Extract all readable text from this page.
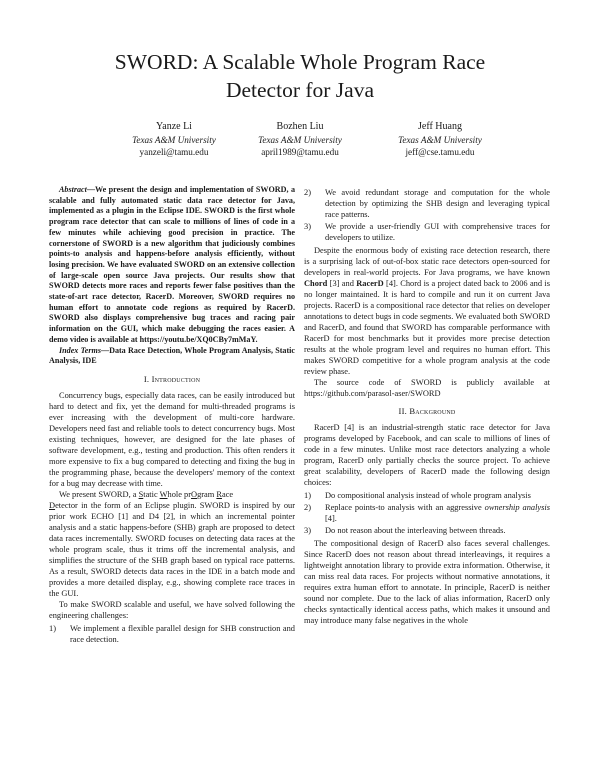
SWORD: A Scalable Whole Program Race
Detector for Java
Yanze Li
Texas A&M University
yanzeli@tamu.edu
Bozhen Liu
Texas A&M University
april1989@tamu.edu
Jeff Huang
Texas A&M University
jeff@cse.tamu.edu

Abstract—We present the design and implementation of SWORD, a scalable and fully automated static data race detector for Java, implemented as a plugin in the Eclipse IDE. SWORD is the first whole program race detector that can scale to millions of lines of code in a few minutes while achieving good precision in practice. The cornerstone of SWORD is a new algorithm that judiciously combines points-to analysis and happens-before analysis efficiently, without losing precision. We have evaluated SWORD on an extensive collection of large-scale open source Java projects. Our results show that SWORD detects more races and reports fewer false positives than the state-of-art race detector, RacerD. Moreover, SWORD requires no human effort to annotate code regions as required by RacerD. SWORD also displays comprehensive bug traces and racing pair information on the GUI, which make debugging the races easier. A demo video is available at https://youtu.be/XQ0CBy7mMaY.

Index Terms—Data Race Detection, Whole Program Analysis, Static Analysis, IDE

I. Introduction

Concurrency bugs, especially data races, can be easily introduced but hard to detect and fix, yet the demand for multi-threaded programs is ever increasing with the development of multi-core hardware. Developers need fast and reliable tools to detect concurrency bugs. Most existing techniques, however, are designed for the late phases of software development, e.g., testing and production. This often renders it more expensive to fix a bug compared to detecting and fixing the bug in the programming phase, because the developers' memory of the context for a bug may decrease with time.

We present SWORD, a Static Whole prOgram Race
Detector in the form of an Eclipse plugin. SWORD is inspired by our prior work ECHO [1] and D4 [2], in which an incremental pointer analysis and a static happens-before (SHB) graph are proposed to detect data races incrementally. SWORD focuses on detecting data races at the whole program scale, thus it trims off the incremental analysis, and simplifies the structure of the SHB graph based on typical race patterns. As a result, SWORD detects data races in the IDE in a batch mode and provides a more detailed display, e.g., showing complete race traces in the GUI.

To make SWORD scalable and useful, we have solved following the engineering challenges:

1) We implement a flexible parallel design for SHB construction and race detection.
2) We avoid redundant storage and computation for the whole detection by optimizing the SHB design and leveraging typical race patterns.
3) We provide a user-friendly GUI with comprehensive traces for developers to utilize.

Despite the enormous body of existing race detection research, there is a surprising lack of out-of-box static race detectors open-sourced for developers in real-world projects. For Java programs, we have known Chord [3] and RacerD [4]. Chord is a project dated back to 2006 and is no longer maintained. It is hard to compile and run it on current Java projects. RacerD is a compositional race detector that relies on developer annotations to detect bugs in code segments. We evaluated both SWORD and RacerD, and found that SWORD has comparable performance with RacerD for most benchmarks but it provides more precise detection results at the whole program level and requires no human effort. This makes SWORD competitive for a whole program analysis at the code review phase.

The source code of SWORD is publicly available at https://github.com/parasol-aser/SWORD

II. Background

RacerD [4] is an industrial-strength static race detector for Java programs developed by Facebook, and can scale to millions of lines of code in a few minutes. Unlike most race detectors analyzing a whole program, RacerD only partially checks the source project. To achieve great scalability, developers of RacerD made the following design choices:

1) Do compositional analysis instead of whole program analysis
2) Replace points-to analysis with an aggressive ownership analysis [4].
3) Do not reason about the interleaving between threads.

The compositional design of RacerD also faces several challenges. Since RacerD does not reason about thread interleavings, it requires a lightweight annotation library to provide extra information. Otherwise, it can miss real data races. For projects without normative annotations, it requires extra human effort to annotate. In principle, RacerD is neither sound nor complete. Due to the lack of alias information, RacerD only checks syntactically identical access paths, which makes it unsound and may introduce many false negatives in the whole
